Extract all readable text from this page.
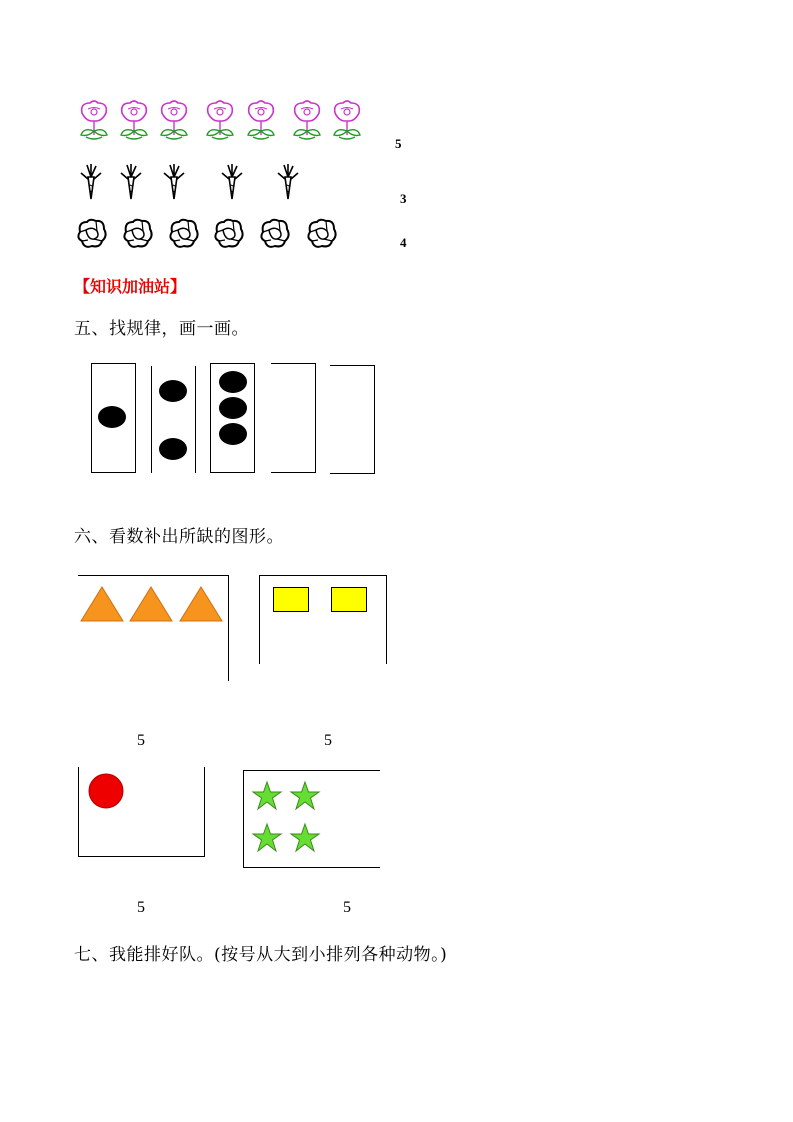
5
3
4
【知识加油站】
五、找规律，画一画。
六、看数补出所缺的图形。
5	5
5	5
七、我能排好队。(按号从大到小排列各种动物。)
